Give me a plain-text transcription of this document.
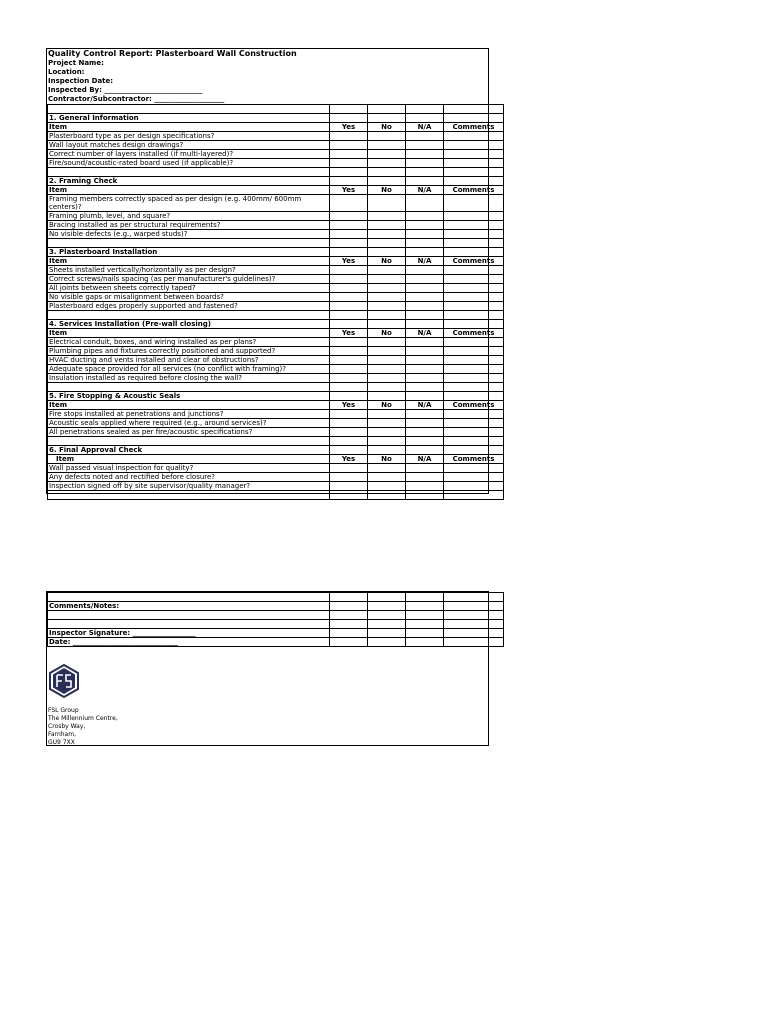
Quality Control Report: Plasterboard Wall Construction
Project Name:
Location:
Inspection Date:
Inspected By: ____________________________
Contractor/Subcontractor: ____________________

1. General Information				
Item	Yes	No	N/A	Comments
Plasterboard type as per design specifications?				
Wall layout matches design drawings?				
Correct number of layers installed (if multi-layered)?				
Fire/sound/acoustic-rated board used (if applicable)?				

2. Framing Check				
Item	Yes	No	N/A	Comments
Framing members correctly spaced as per design (e.g. 400mm/ 600mm centers)?				
Framing plumb, level, and square?				
Bracing installed as per structural requirements?				
No visible defects (e.g., warped studs)?				

3. Plasterboard Installation				
Item	Yes	No	N/A	Comments
Sheets installed vertically/horizontally as per design?				
Correct screws/nails spacing (as per manufacturer's guidelines)?				
All joints between sheets correctly taped?				
No visible gaps or misalignment between boards?				
Plasterboard edges properly supported and fastened?				

4. Services Installation (Pre-wall closing)				
Item	Yes	No	N/A	Comments
Electrical conduit, boxes, and wiring installed as per plans?				
Plumbing pipes and fixtures correctly positioned and supported?				
HVAC ducting and vents installed and clear of obstructions?				
Adequate space provided for all services (no conflict with framing)?				
Insulation installed as required before closing the wall?				

5. Fire Stopping & Acoustic Seals				
Item	Yes	No	N/A	Comments
Fire stops installed at penetrations and junctions?				
Acoustic seals applied where required (e.g., around services)?				
All penetrations sealed as per fire/acoustic specifications?				

6. Final Approval Check				
Item	Yes	No	N/A	Comments
Wall passed visual inspection for quality?				
Any defects noted and rectified before closure?				
Inspection signed off by site supervisor/quality manager?				

Comments/Notes:				

Inspector Signature: __________________				
Date: ______________________________				
FSL Group
The Millennium Centre,
Crosby Way,
Farnham,
GU9 7XX
